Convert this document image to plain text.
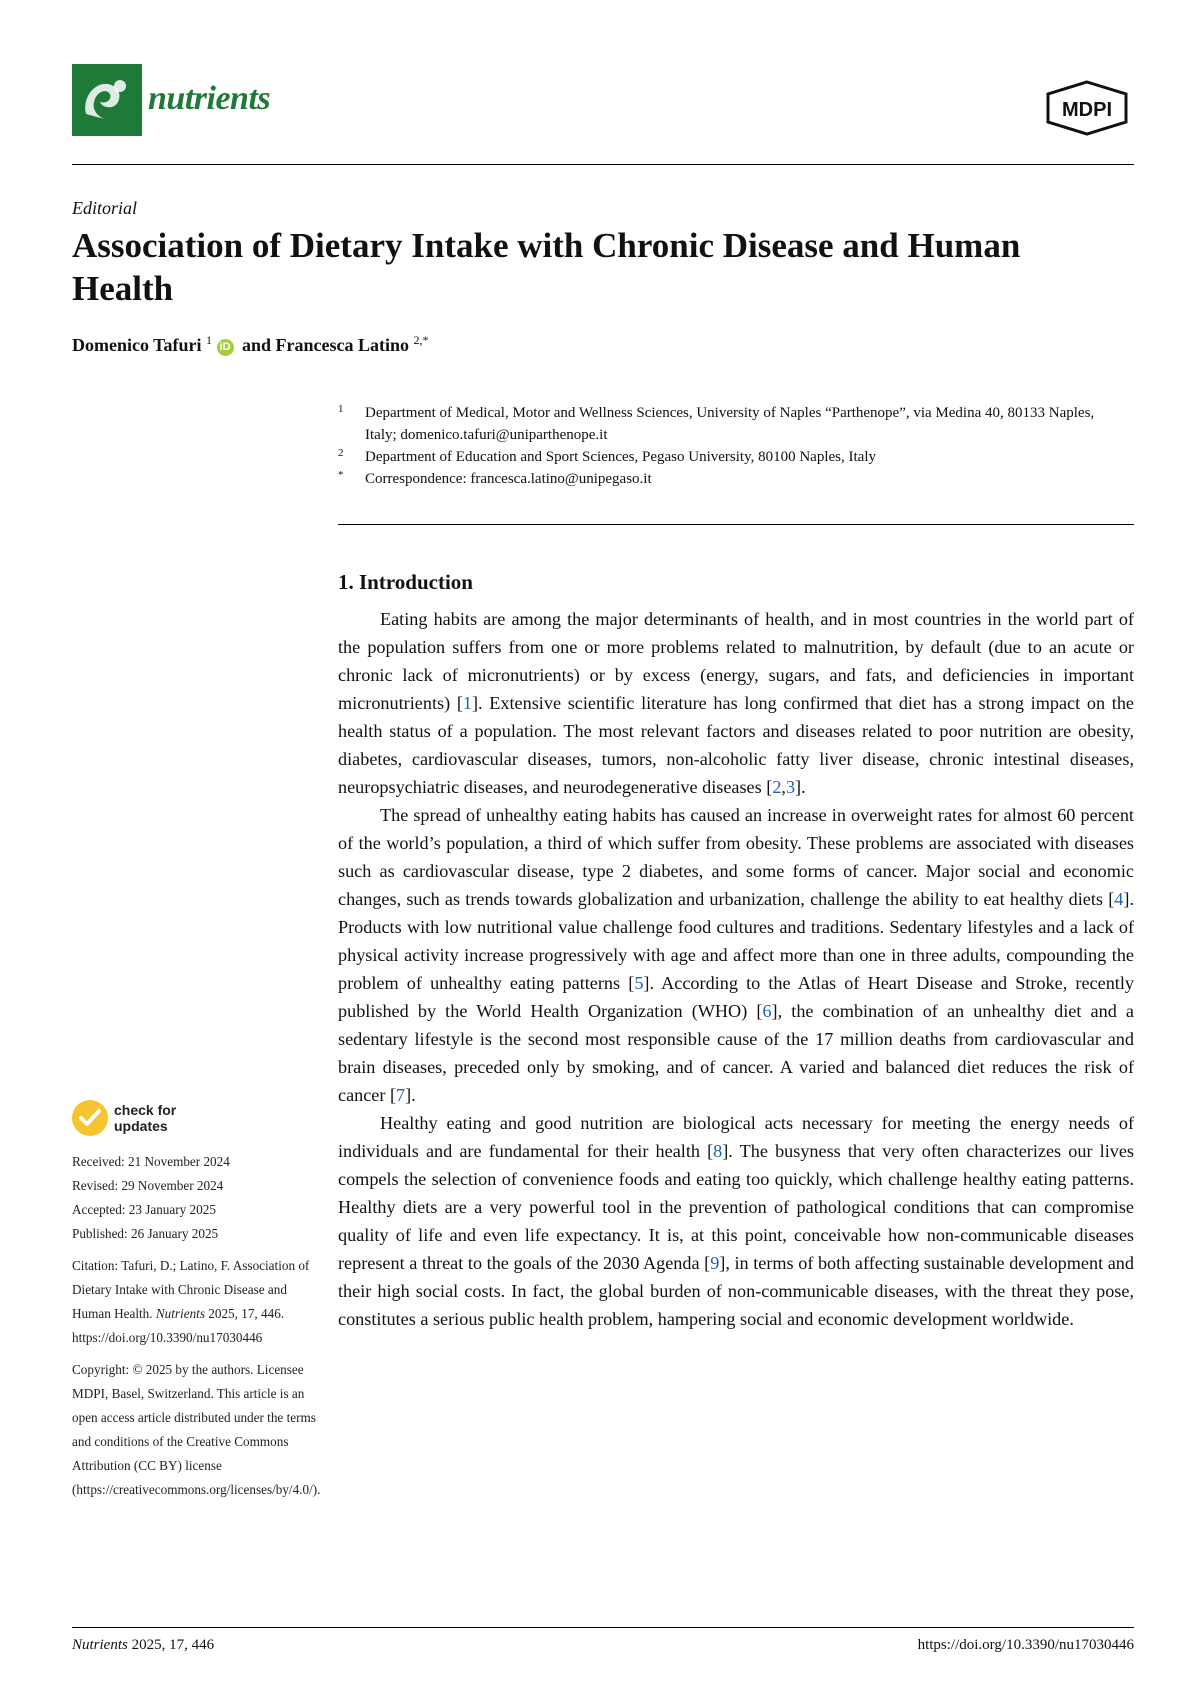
nutrients	MDPI
Editorial
Association of Dietary Intake with Chronic Disease and Human Health
Domenico Tafuri $^1$ iD and Francesca Latino $^{2,*}$
1 Department of Medical, Motor and Wellness Sciences, University of Naples “Parthenope”, via Medina 40, 80133 Naples, Italy; domenico.tafuri@uniparthenope.it
2 Department of Education and Sport Sciences, Pegaso University, 80100 Naples, Italy
* Correspondence: francesca.latino@unipegaso.it
1. Introduction

Eating habits are among the major determinants of health, and in most countries in the world part of the population suffers from one or more problems related to malnutrition, by default (due to an acute or chronic lack of micronutrients) or by excess (energy, sugars, and fats, and deficiencies in important micronutrients) [1]. Extensive scientific literature has long confirmed that diet has a strong impact on the health status of a population. The most relevant factors and diseases related to poor nutrition are obesity, diabetes, cardiovascular diseases, tumors, non-alcoholic fatty liver disease, chronic intestinal diseases, neuropsychiatric diseases, and neurodegenerative diseases [2,3].

The spread of unhealthy eating habits has caused an increase in overweight rates for almost 60 percent of the world’s population, a third of which suffer from obesity. These problems are associated with diseases such as cardiovascular disease, type 2 diabetes, and some forms of cancer. Major social and economic changes, such as trends towards globalization and urbanization, challenge the ability to eat healthy diets [4]. Products with low nutritional value challenge food cultures and traditions. Sedentary lifestyles and a lack of physical activity increase progressively with age and affect more than one in three adults, compounding the problem of unhealthy eating patterns [5]. According to the Atlas of Heart Disease and Stroke, recently published by the World Health Organization (WHO) [6], the combination of an unhealthy diet and a sedentary lifestyle is the second most responsible cause of the 17 million deaths from cardiovascular and brain diseases, preceded only by smoking, and of cancer. A varied and balanced diet reduces the risk of cancer [7].

Healthy eating and good nutrition are biological acts necessary for meeting the energy needs of individuals and are fundamental for their health [8]. The busyness that very often characterizes our lives compels the selection of convenience foods and eating too quickly, which challenge healthy eating patterns. Healthy diets are a very powerful tool in the prevention of pathological conditions that can compromise quality of life and even life expectancy. It is, at this point, conceivable how non-communicable diseases represent a threat to the goals of the 2030 Agenda [9], in terms of both affecting sustainable development and their high social costs. In fact, the global burden of non-communicable diseases, with the threat they pose, constitutes a serious public health problem, hampering social and economic development worldwide.

check for
updates
Received: 21 November 2024
Revised: 29 November 2024
Accepted: 23 January 2025
Published: 26 January 2025
Citation: Tafuri, D.; Latino, F. Association of Dietary Intake with Chronic Disease and Human Health. Nutrients 2025, 17, 446. https://doi.org/10.3390/nu17030446
Copyright: © 2025 by the authors. Licensee MDPI, Basel, Switzerland. This article is an open access article distributed under the terms and conditions of the Creative Commons Attribution (CC BY) license (https://creativecommons.org/licenses/by/4.0/).
Nutrients 2025, 17, 446	https://doi.org/10.3390/nu17030446
